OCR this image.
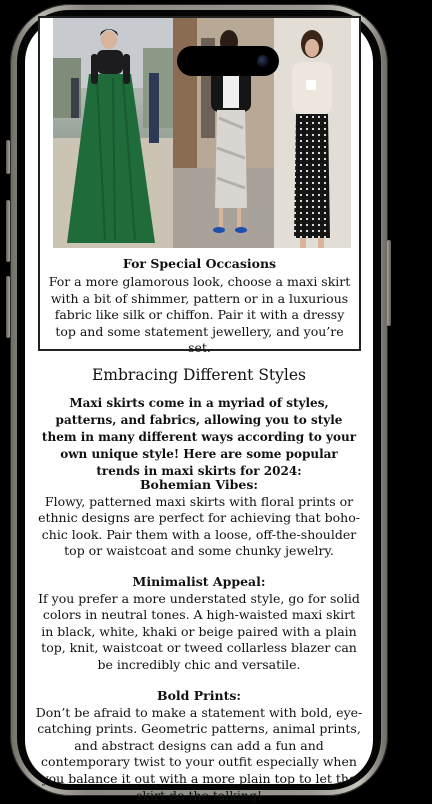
For Special Occasions
For a more glamorous look, choose a maxi skirt with a bit of shimmer, pattern or in a luxurious fabric like silk or chiffon. Pair it with a dressy top and some statement jewellery, and you’re set.
Embracing Different Styles
Maxi skirts come in a myriad of styles, patterns, and fabrics, allowing you to style them in many different ways according to your own unique style! Here are some popular trends in maxi skirts for 2024:
Bohemian Vibes:
Flowy, patterned maxi skirts with floral prints or ethnic designs are perfect for achieving that boho-chic look. Pair them with a loose, off-the-shoulder top or waistcoat and some chunky jewelry.
Minimalist Appeal:
If you prefer a more understated style, go for solid colors in neutral tones. A high-waisted maxi skirt in black, white, khaki or beige paired with a plain top, knit, waistcoat or tweed collarless blazer can be incredibly chic and versatile.
Bold Prints:
Don’t be afraid to make a statement with bold, eye-catching prints. Geometric patterns, animal prints, and abstract designs can add a fun and contemporary twist to your outfit especially when you balance it out with a more plain top to let the skirt do the talking!
